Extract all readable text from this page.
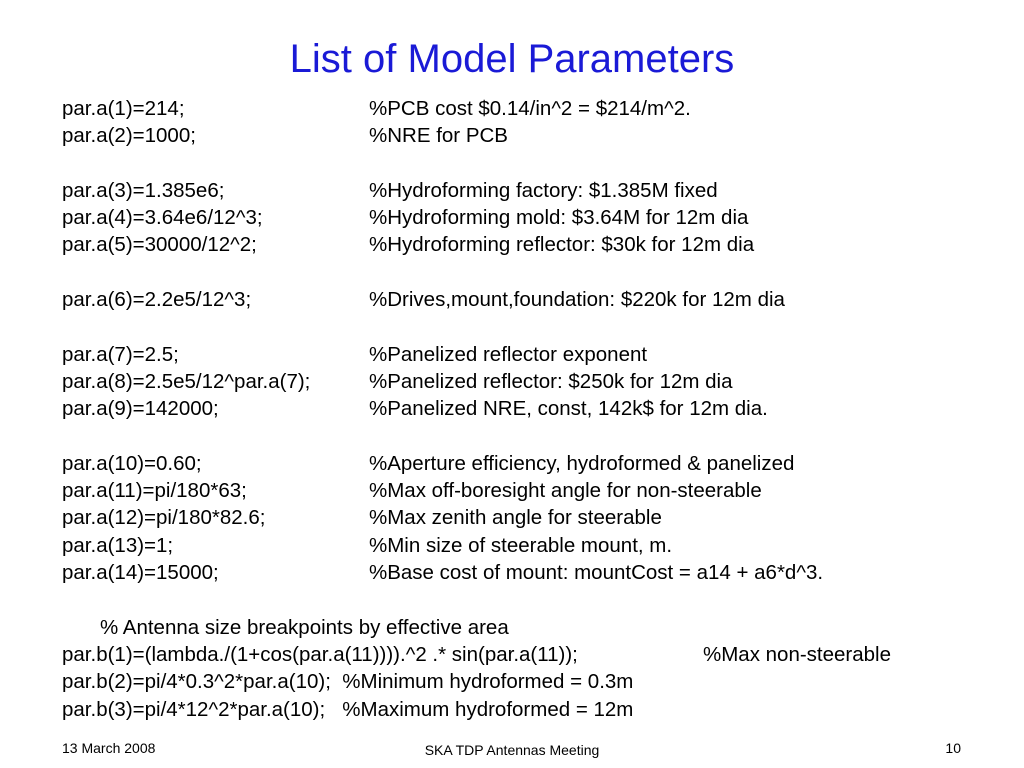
List of Model Parameters
par.a(1)=214;	%PCB cost $0.14/in^2 = $214/m^2.
par.a(2)=1000;	%NRE for PCB
par.a(3)=1.385e6;	%Hydroforming factory: $1.385M fixed
par.a(4)=3.64e6/12^3;	%Hydroforming mold: $3.64M for 12m dia
par.a(5)=30000/12^2;	%Hydroforming reflector: $30k for 12m dia
par.a(6)=2.2e5/12^3;	%Drives,mount,foundation: $220k for 12m dia
par.a(7)=2.5;	%Panelized reflector exponent
par.a(8)=2.5e5/12^par.a(7);	%Panelized reflector: $250k for 12m dia
par.a(9)=142000;	%Panelized NRE, const, 142k$ for 12m dia.
par.a(10)=0.60;	%Aperture efficiency, hydroformed & panelized
par.a(11)=pi/180*63;	%Max off-boresight angle for non-steerable
par.a(12)=pi/180*82.6;	%Max zenith angle for steerable
par.a(13)=1;	%Min size of steerable mount, m.
par.a(14)=15000;	%Base cost of mount: mountCost = a14 + a6*d^3.
% Antenna size breakpoints by effective area
par.b(1)=(lambda./(1+cos(par.a(11)))).^2 .* sin(par.a(11));	%Max non-steerable
par.b(2)=pi/4*0.3^2*par.a(10);  %Minimum hydroformed = 0.3m
par.b(3)=pi/4*12^2*par.a(10);   %Maximum hydroformed = 12m
13 March 2008	SKA TDP Antennas Meeting	10
